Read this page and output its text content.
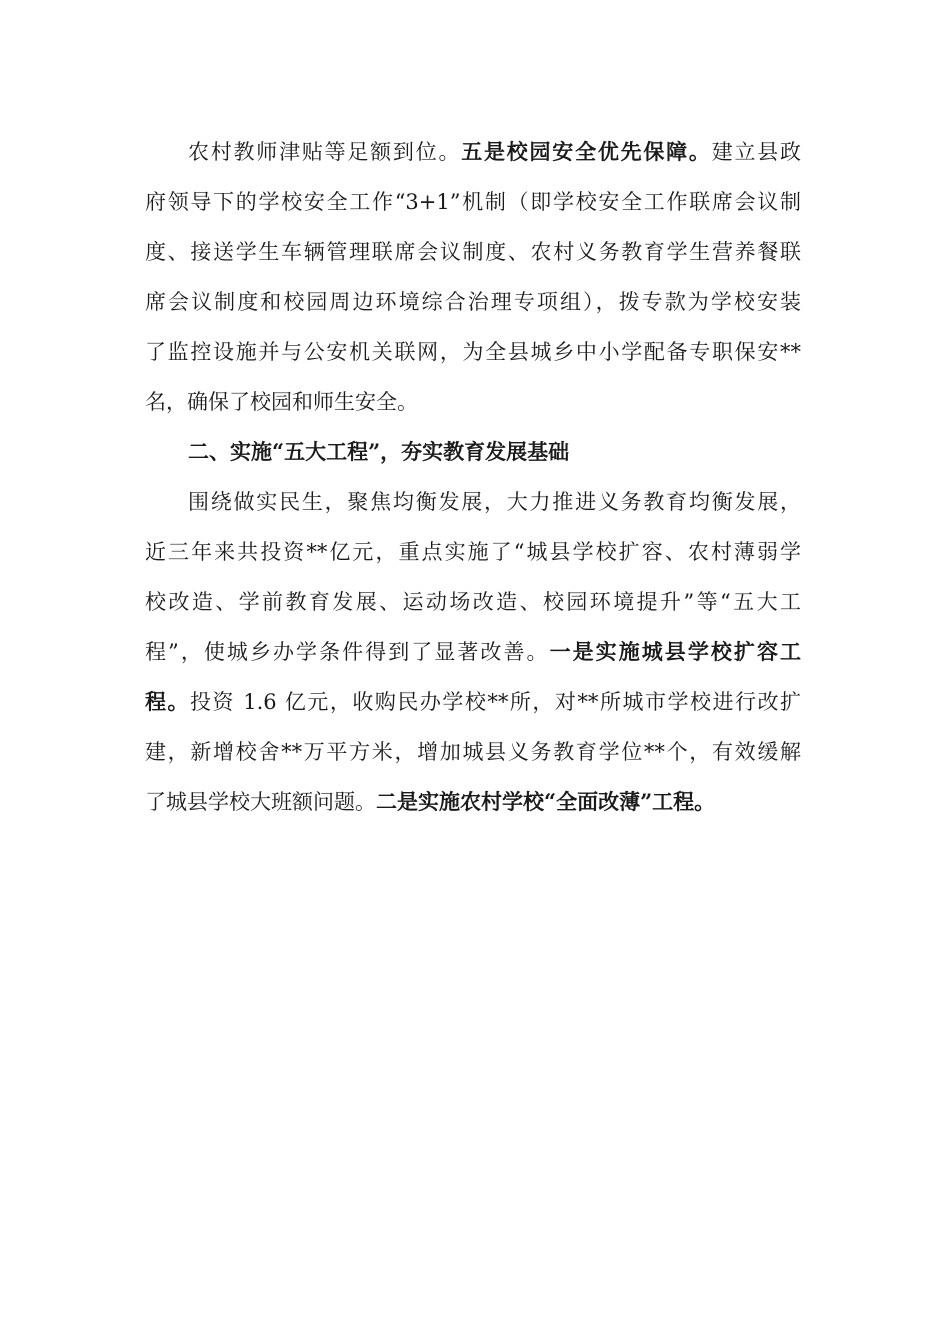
农村教师津贴等足额到位。五是校园安全优先保障。建立县政
府领导下的学校安全工作“3+1”机制（即学校安全工作联席会议制
度、接送学生车辆管理联席会议制度、农村义务教育学生营养餐联
席会议制度和校园周边环境综合治理专项组），拨专款为学校安装
了监控设施并与公安机关联网，为全县城乡中小学配备专职保安**
名，确保了校园和师生安全。
二、实施“五大工程”，夯实教育发展基础
围绕做实民生，聚焦均衡发展，大力推进义务教育均衡发展，
近三年来共投资**亿元，重点实施了“城县学校扩容、农村薄弱学
校改造、学前教育发展、运动场改造、校园环境提升”等“五大工
程”，使城乡办学条件得到了显著改善。一是实施城县学校扩容工
程。投资 1.6 亿元，收购民办学校**所，对**所城市学校进行改扩
建，新增校舍**万平方米，增加城县义务教育学位**个，有效缓解
了城县学校大班额问题。二是实施农村学校“全面改薄”工程。
